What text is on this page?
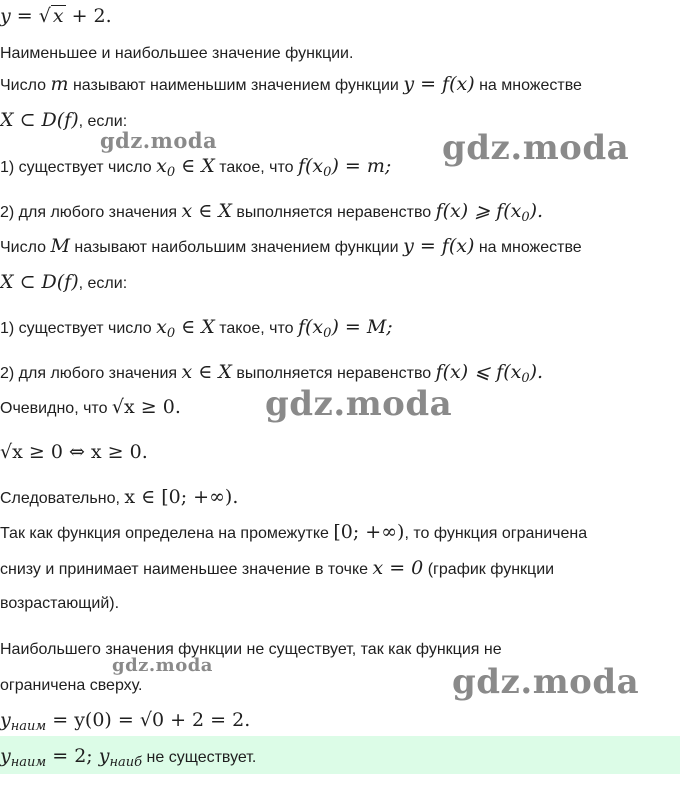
y = √ x + 2.
Наименьшее и наибольшее значение функции.
Число m называют наименьшим значением функции y = f(x) на множестве
X ⊂ D(f), если:
1) существует число $x_0$ ∈ X такое, что $f(x_0) = m$;
2) для любого значения x ∈ X выполняется неравенство f(x) ⩾ $f(x_0)$.
Число M называют наибольшим значением функции y = f(x) на множестве
X ⊂ D(f), если:
1) существует число $x_0$ ∈ X такое, что $f(x_0) = M$;
2) для любого значения x ∈ X выполняется неравенство f(x) ⩽ $f(x_0)$.
Очевидно, что √x ≥ 0.
√x ≥ 0 ⇔ x ≥ 0.
Следовательно, x ∈ [0; +∞).
Так как функция определена на промежутке [0; +∞), то функция ограничена
снизу и принимает наименьшее значение в точке x = 0 (график функции
возрастающий).
Наибольшего значения функции не существует, так как функция не
ограничена сверху.
$y_{наим} = y(0) = √0 + 2 = 2$.
$y_{наим} = 2$; $y_{наиб}$ не существует.
gdz.moda	gdz.moda
gdz.moda
gdz.moda	gdz.moda
